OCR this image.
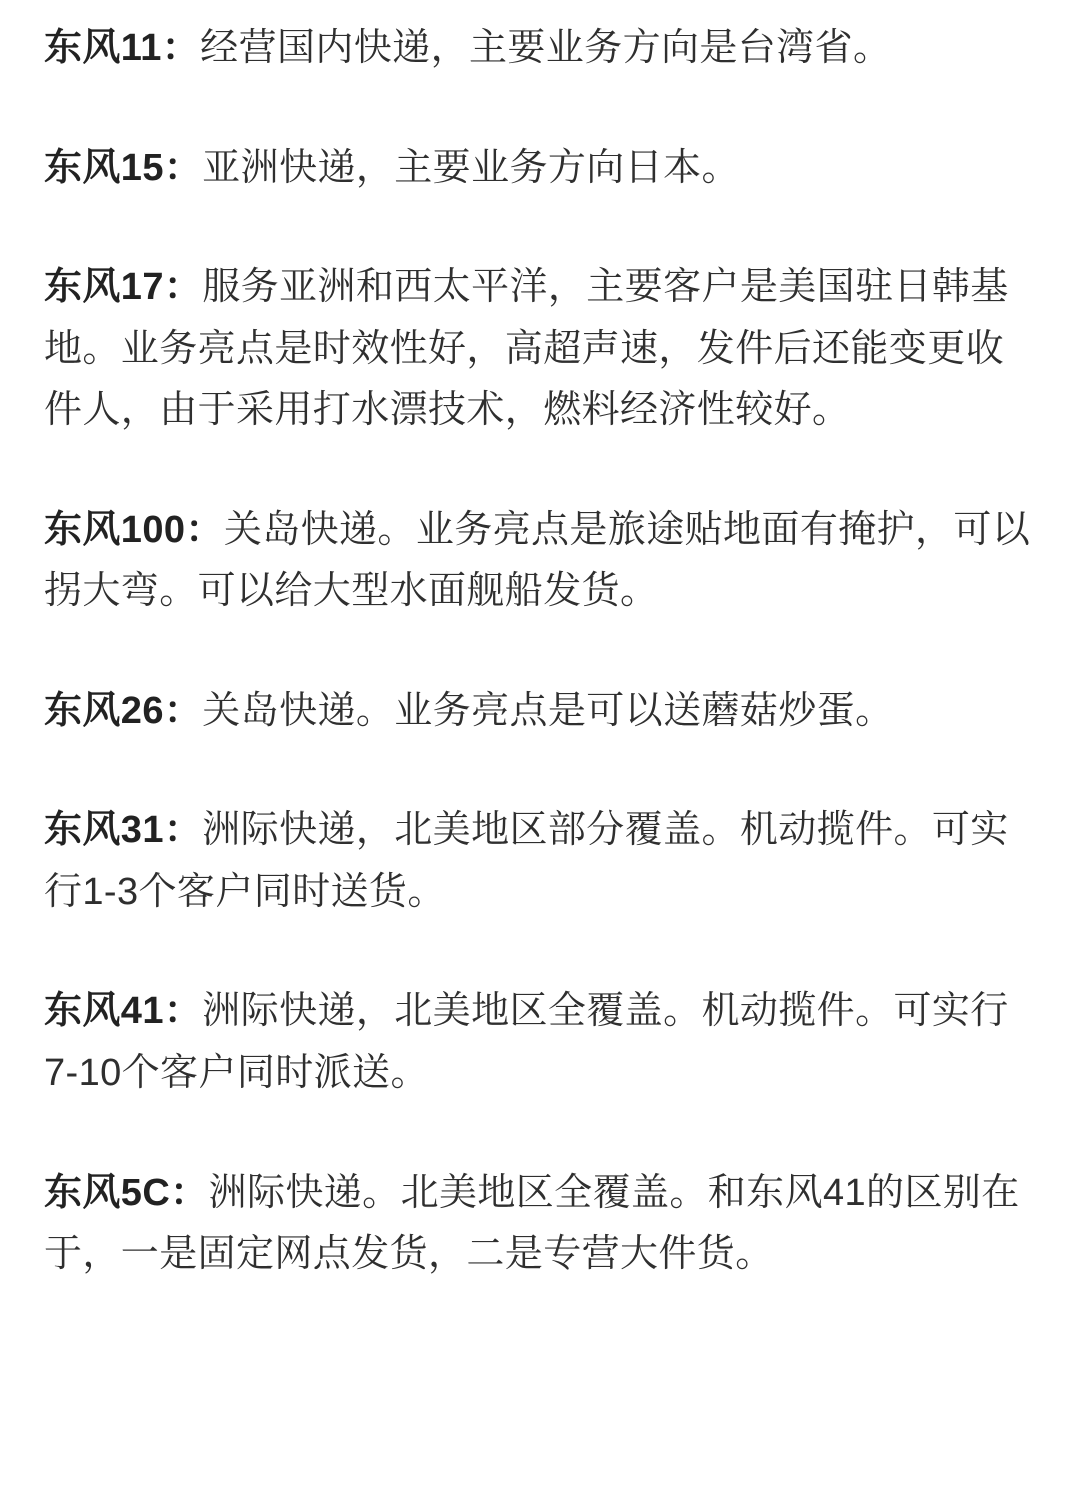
东风11：经营国内快递，主要业务方向是台湾省。

东风15：亚洲快递，主要业务方向日本。

东风17：服务亚洲和西太平洋，主要客户是美国驻日韩基地。业务亮点是时效性好，高超声速，发件后还能变更收件人，由于采用打水漂技术，燃料经济性较好。

东风100：关岛快递。业务亮点是旅途贴地面有掩护，可以拐大弯。可以给大型水面舰船发货。

东风26：关岛快递。业务亮点是可以送蘑菇炒蛋。

东风31：洲际快递，北美地区部分覆盖。机动揽件。可实行1-3个客户同时送货。

东风41：洲际快递，北美地区全覆盖。机动揽件。可实行7-10个客户同时派送。

东风5C：洲际快递。北美地区全覆盖。和东风41的区别在于，一是固定网点发货，二是专营大件货。
